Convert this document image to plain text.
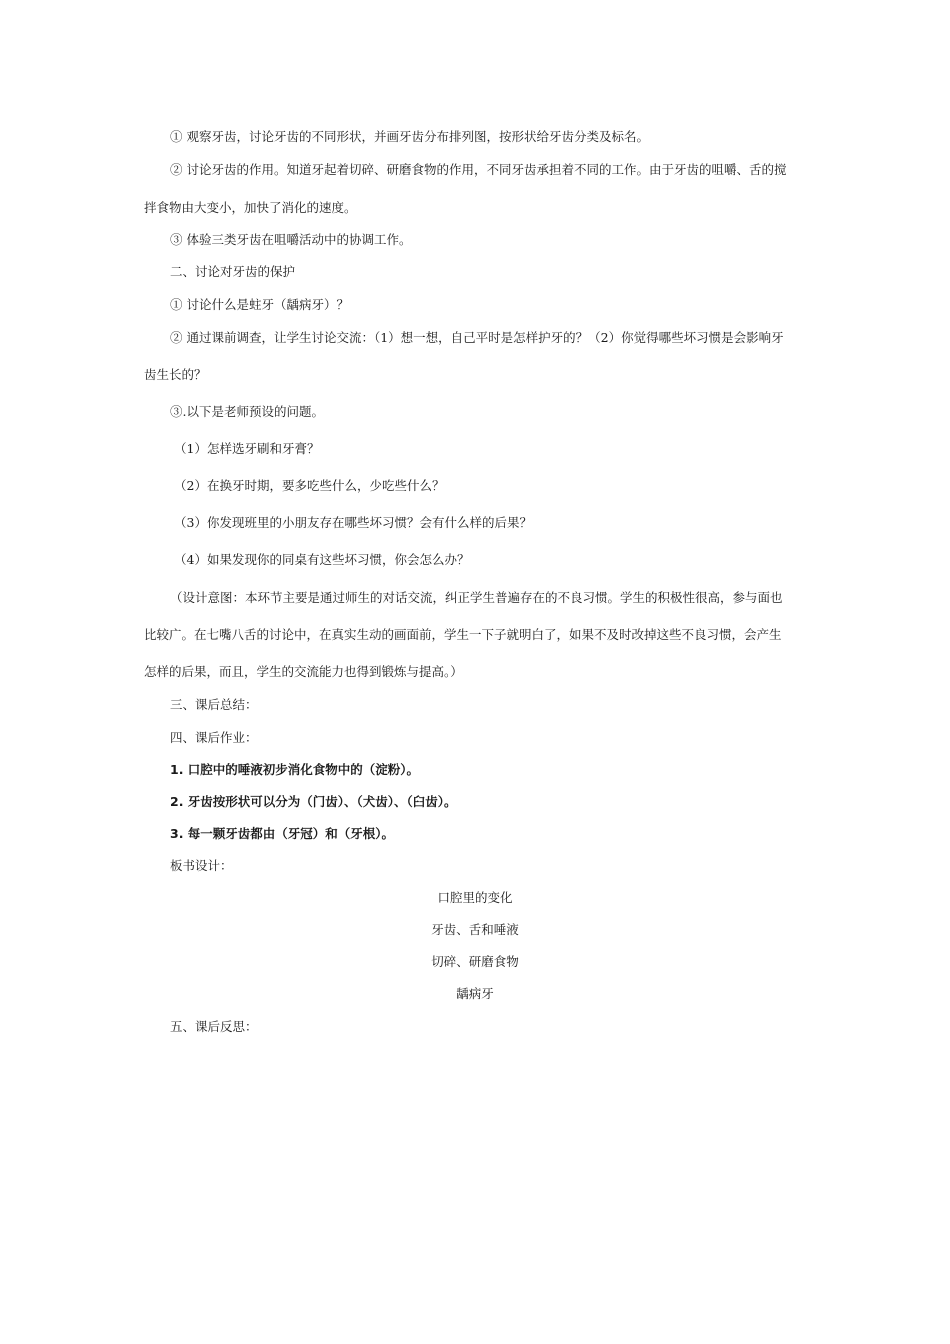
① 观察牙齿，讨论牙齿的不同形状，并画牙齿分布排列图，按形状给牙齿分类及标名。
② 讨论牙齿的作用。知道牙起着切碎、研磨食物的作用，不同牙齿承担着不同的工作。由于牙齿的咀嚼、舌的搅
拌食物由大变小，加快了消化的速度。
③ 体验三类牙齿在咀嚼活动中的协调工作。
二、讨论对牙齿的保护
① 讨论什么是蛀牙（龋病牙）？
② 通过课前调查，让学生讨论交流：（1）想一想，自己平时是怎样护牙的？（2）你觉得哪些坏习惯是会影响牙
齿生长的？
③.以下是老师预设的问题。
（1）怎样选牙刷和牙膏？
（2）在换牙时期，要多吃些什么，少吃些什么？
（3）你发现班里的小朋友存在哪些坏习惯？会有什么样的后果？
（4）如果发现你的同桌有这些坏习惯，你会怎么办？
（设计意图：本环节主要是通过师生的对话交流，纠正学生普遍存在的不良习惯。学生的积极性很高，参与面也
比较广。在七嘴八舌的讨论中，在真实生动的画面前，学生一下子就明白了，如果不及时改掉这些不良习惯，会产生
怎样的后果，而且，学生的交流能力也得到锻炼与提高。）
三、课后总结：
四、课后作业：
1. 口腔中的唾液初步消化食物中的（淀粉）。
2. 牙齿按形状可以分为（门齿）、（犬齿）、（臼齿）。
3. 每一颗牙齿都由（牙冠）和（牙根）。
板书设计：
口腔里的变化
牙齿、舌和唾液
切碎、研磨食物
龋病牙
五、课后反思：
